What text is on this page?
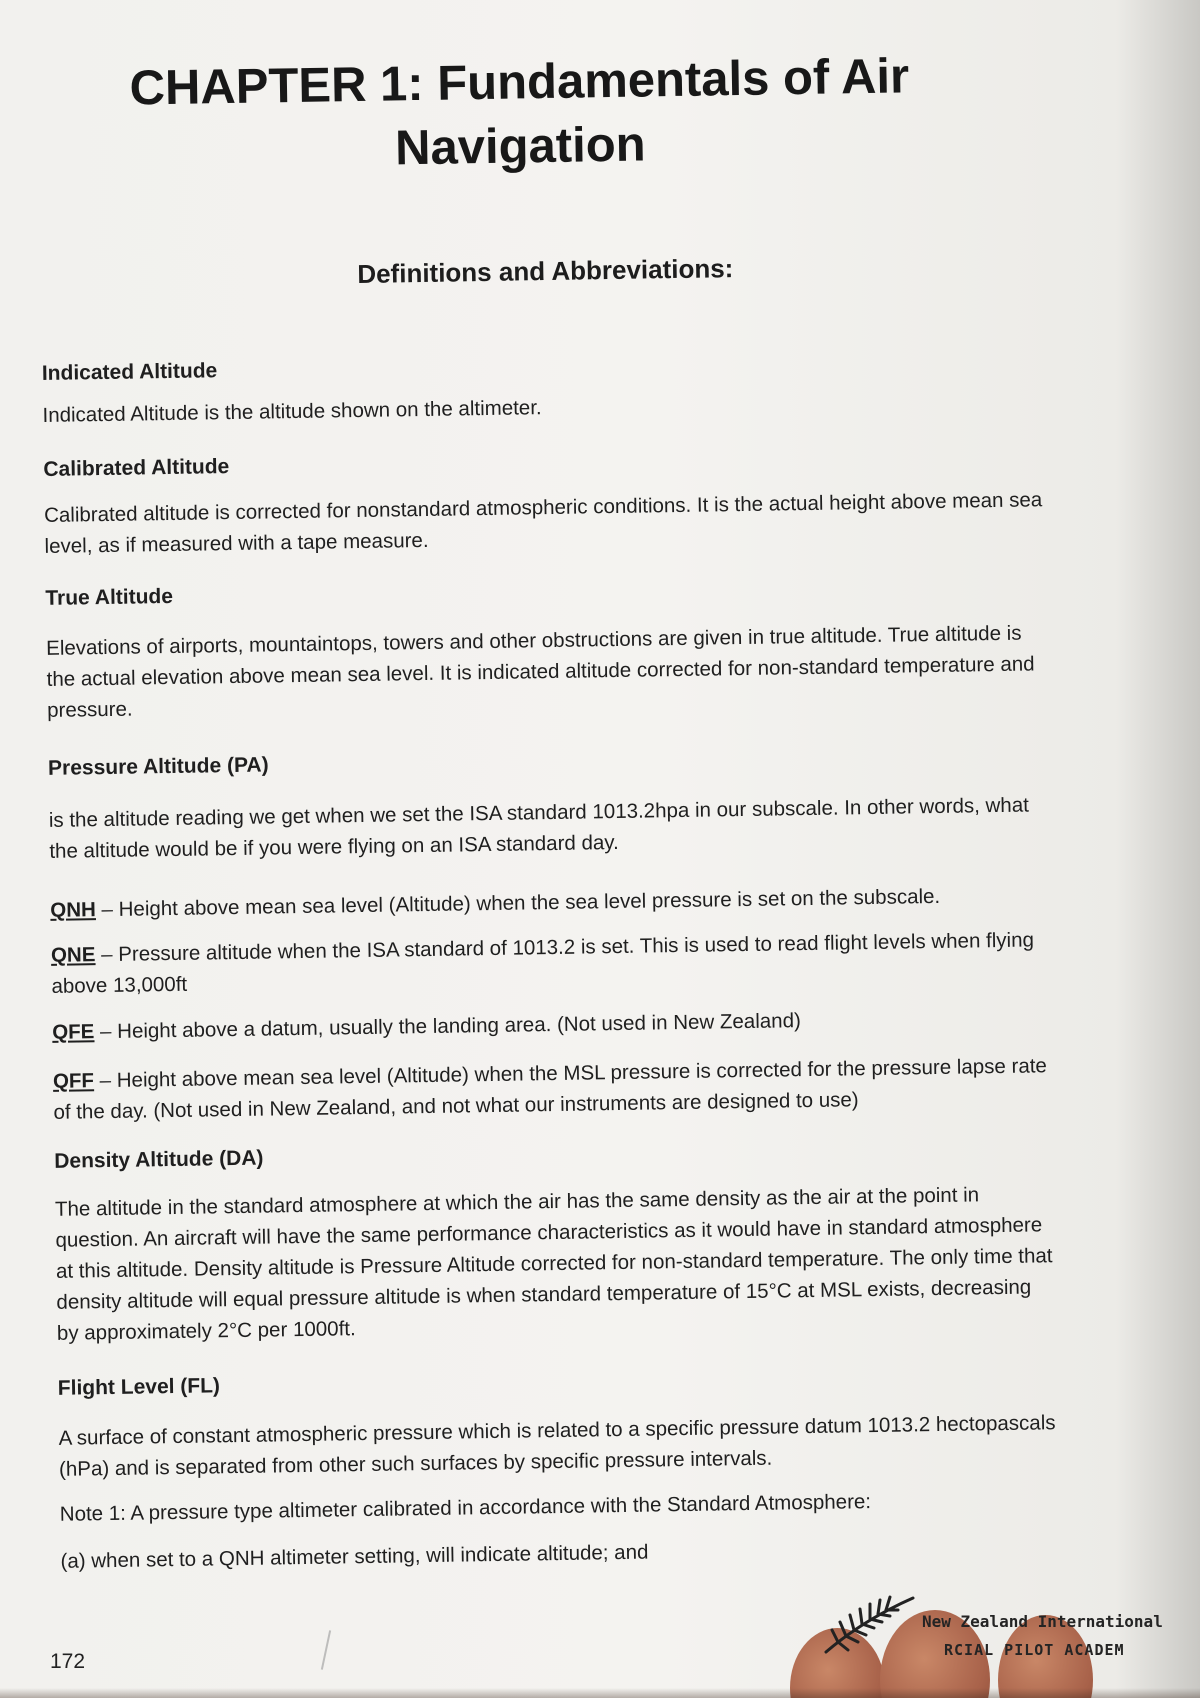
CHAPTER 1: Fundamentals of Air Navigation
Definitions and Abbreviations:
Indicated Altitude

Indicated Altitude is the altitude shown on the altimeter.

Calibrated Altitude

Calibrated altitude is corrected for nonstandard atmospheric conditions. It is the actual height above mean sea level, as if measured with a tape measure.

True Altitude

Elevations of airports, mountaintops, towers and other obstructions are given in true altitude. True altitude is the actual elevation above mean sea level. It is indicated altitude corrected for non-standard temperature and pressure.

Pressure Altitude (PA)

is the altitude reading we get when we set the ISA standard 1013.2hpa in our subscale. In other words, what the altitude would be if you were flying on an ISA standard day.

QNH – Height above mean sea level (Altitude) when the sea level pressure is set on the subscale.

QNE – Pressure altitude when the ISA standard of 1013.2 is set. This is used to read flight levels when flying above 13,000ft

QFE – Height above a datum, usually the landing area. (Not used in New Zealand)

QFF – Height above mean sea level (Altitude) when the MSL pressure is corrected for the pressure lapse rate of the day. (Not used in New Zealand, and not what our instruments are designed to use)

Density Altitude (DA)

The altitude in the standard atmosphere at which the air has the same density as the air at the point in question. An aircraft will have the same performance characteristics as it would have in standard atmosphere at this altitude. Density altitude is Pressure Altitude corrected for non-standard temperature. The only time that density altitude will equal pressure altitude is when standard temperature of 15°C at MSL exists, decreasing by approximately 2°C per 1000ft.

Flight Level (FL)

A surface of constant atmospheric pressure which is related to a specific pressure datum 1013.2 hectopascals (hPa) and is separated from other such surfaces by specific pressure intervals.

Note 1: A pressure type altimeter calibrated in accordance with the Standard Atmosphere:

(a) when set to a QNH altimeter setting, will indicate altitude; and

172
New Zealand International
RCIAL PILOT ACADEM
